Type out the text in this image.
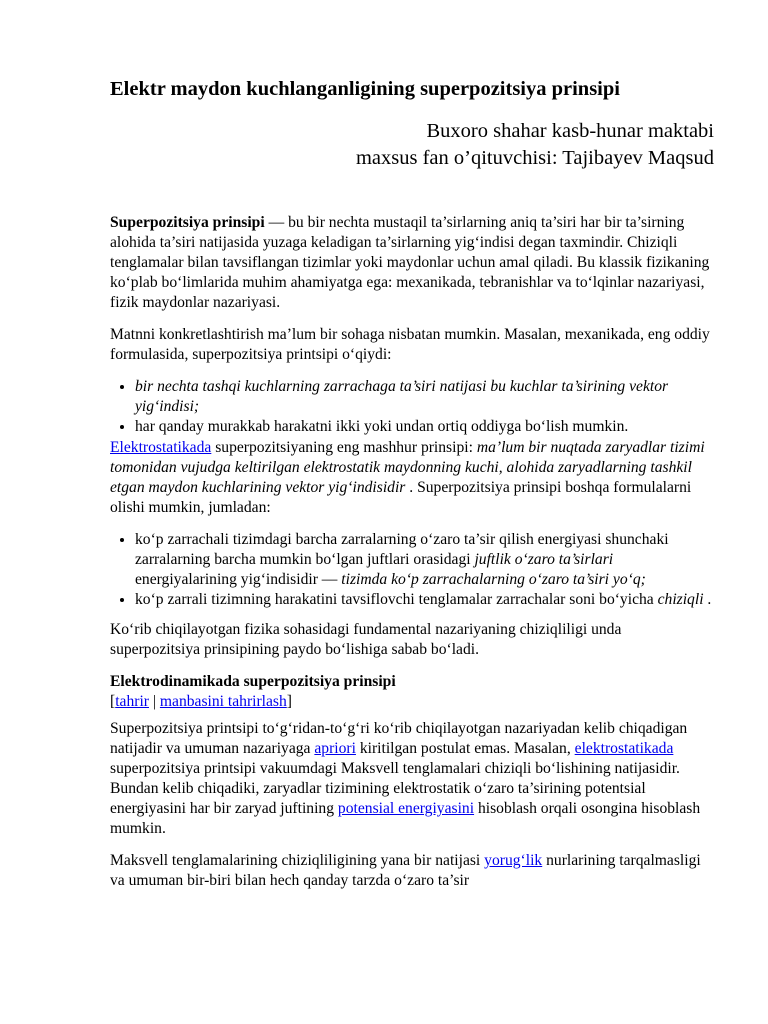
Elektr maydon kuchlanganligining superpozitsiya prinsipi
Buxoro shahar kasb-hunar maktabi
maxsus fan o’qituvchisi: Tajibayev Maqsud

Superpozitsiya prinsipi — bu bir nechta mustaqil ta’sirlarning aniq ta’siri har bir ta’sirning alohida ta’siri natijasida yuzaga keladigan ta’sirlarning yig‘indisi degan taxmindir. Chiziqli tenglamalar bilan tavsiflangan tizimlar yoki maydonlar uchun amal qiladi. Bu klassik fizikaning ko‘plab bo‘limlarida muhim ahamiyatga ega: mexanikada, tebranishlar va to‘lqinlar nazariyasi, fizik maydonlar nazariyasi.

Matnni konkretlashtirish ma’lum bir sohaga nisbatan mumkin. Masalan, mexanikada, eng oddiy formulasida, superpozitsiya printsipi o‘qiydi:

• bir nechta tashqi kuchlarning zarrachaga ta’siri natijasi bu kuchlar ta’sirining vektor yig‘indisi;
• har qanday murakkab harakatni ikki yoki undan ortiq oddiyga bo‘lish mumkin.

Elektrostatikada superpozitsiyaning eng mashhur prinsipi: ma’lum bir nuqtada zaryadlar tizimi tomonidan vujudga keltirilgan elektrostatik maydonning kuchi, alohida zaryadlarning tashkil etgan maydon kuchlarining vektor yig‘indisidir . Superpozitsiya prinsipi boshqa formulalarni olishi mumkin, jumladan:

• ko‘p zarrachali tizimdagi barcha zarralarning o‘zaro ta’sir qilish energiyasi shunchaki zarralarning barcha mumkin bo‘lgan juftlari orasidagi juftlik o‘zaro ta’sirlari energiyalarining yig‘indisidir — tizimda ko‘p zarrachalarning o‘zaro ta’siri yo‘q;
• ko‘p zarrali tizimning harakatini tavsiflovchi tenglamalar zarrachalar soni bo‘yicha chiziqli .

Ko‘rib chiqilayotgan fizika sohasidagi fundamental nazariyaning chiziqliligi unda superpozitsiya prinsipining paydo bo‘lishiga sabab bo‘ladi.

Elektrodinamikada superpozitsiya prinsipi

[tahrir | manbasini tahrirlash]

Superpozitsiya printsipi to‘g‘ridan-to‘g‘ri ko‘rib chiqilayotgan nazariyadan kelib chiqadigan natijadir va umuman nazariyaga apriori kiritilgan postulat emas. Masalan, elektrostatikada superpozitsiya printsipi vakuumdagi Maksvell tenglamalari chiziqli bo‘lishining natijasidir. Bundan kelib chiqadiki, zaryadlar tizimining elektrostatik o‘zaro ta’sirining potentsial energiyasini har bir zaryad juftining potensial energiyasini hisoblash orqali osongina hisoblash mumkin.

Maksvell tenglamalarining chiziqliligining yana bir natijasi yorug‘lik nurlarining tarqalmasligi va umuman bir-biri bilan hech qanday tarzda o‘zaro ta’sir
